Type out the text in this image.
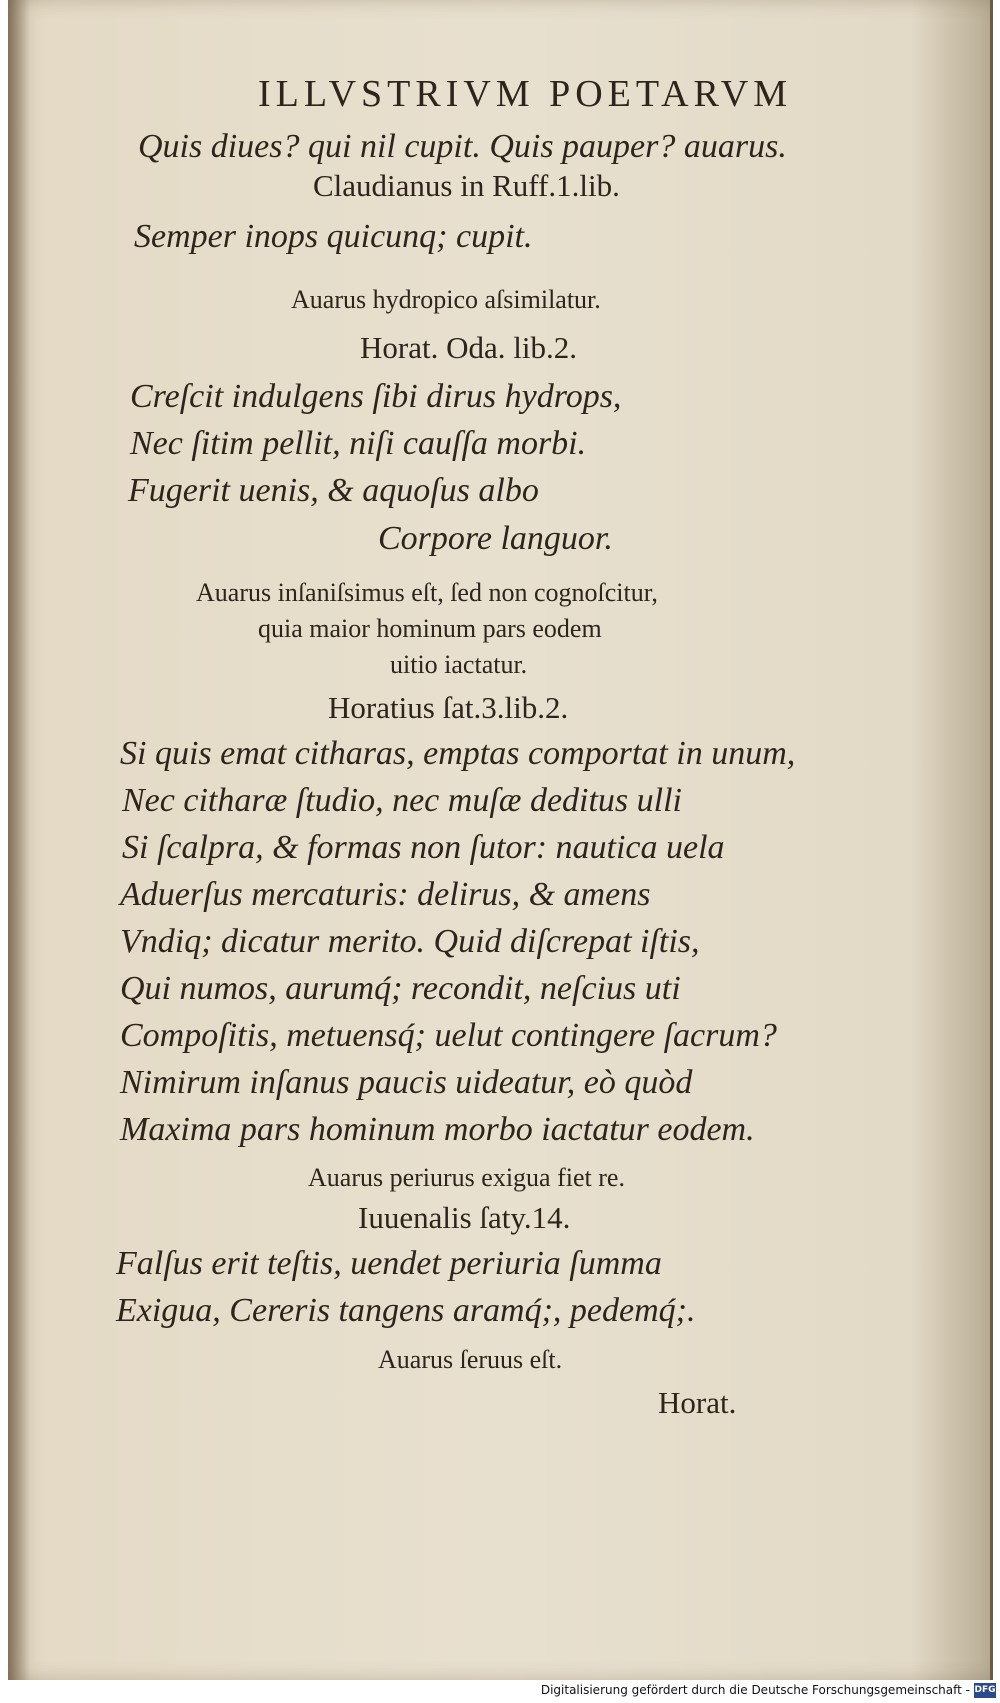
ILLVSTRIVM POETARVM
Quis diues? qui nil cupit. Quis pauper? auarus.
Claudianus in Ruff.1.lib.
Semper inops quicunq; cupit.
Auarus hydropico aſsimilatur.
Horat. Oda. lib.2.
Creſcit indulgens ſibi dirus hydrops,
Nec ſitim pellit, niſi cauſſa morbi.
Fugerit uenis, & aquoſus albo
Corpore languor.
Auarus inſaniſsimus eſt, ſed non cognoſcitur,
quia maior hominum pars eodem
uitio iactatur.
Horatius ſat.3.lib.2.
Si quis emat citharas, emptas comportat in unum,
Nec citharæ ſtudio, nec muſæ deditus ulli
Si ſcalpra, & formas non ſutor: nautica uela
Aduerſus mercaturis: delirus, & amens
Vndiq; dicatur merito. Quid diſcrepat iſtis,
Qui numos, aurumq́; recondit, neſcius uti
Compoſitis, metuensq́; uelut contingere ſacrum?
Nimirum inſanus paucis uideatur, eò quòd
Maxima pars hominum morbo iactatur eodem.
Auarus periurus exigua fiet re.
Iuuenalis ſaty.14.
Falſus erit teſtis, uendet periuria ſumma
Exigua, Cereris tangens aramq́;, pedemq́;.
Auarus ſeruus eſt.
Horat.
Digitalisierung gefördert durch die Deutsche Forschungsgemeinschaft - DFG
